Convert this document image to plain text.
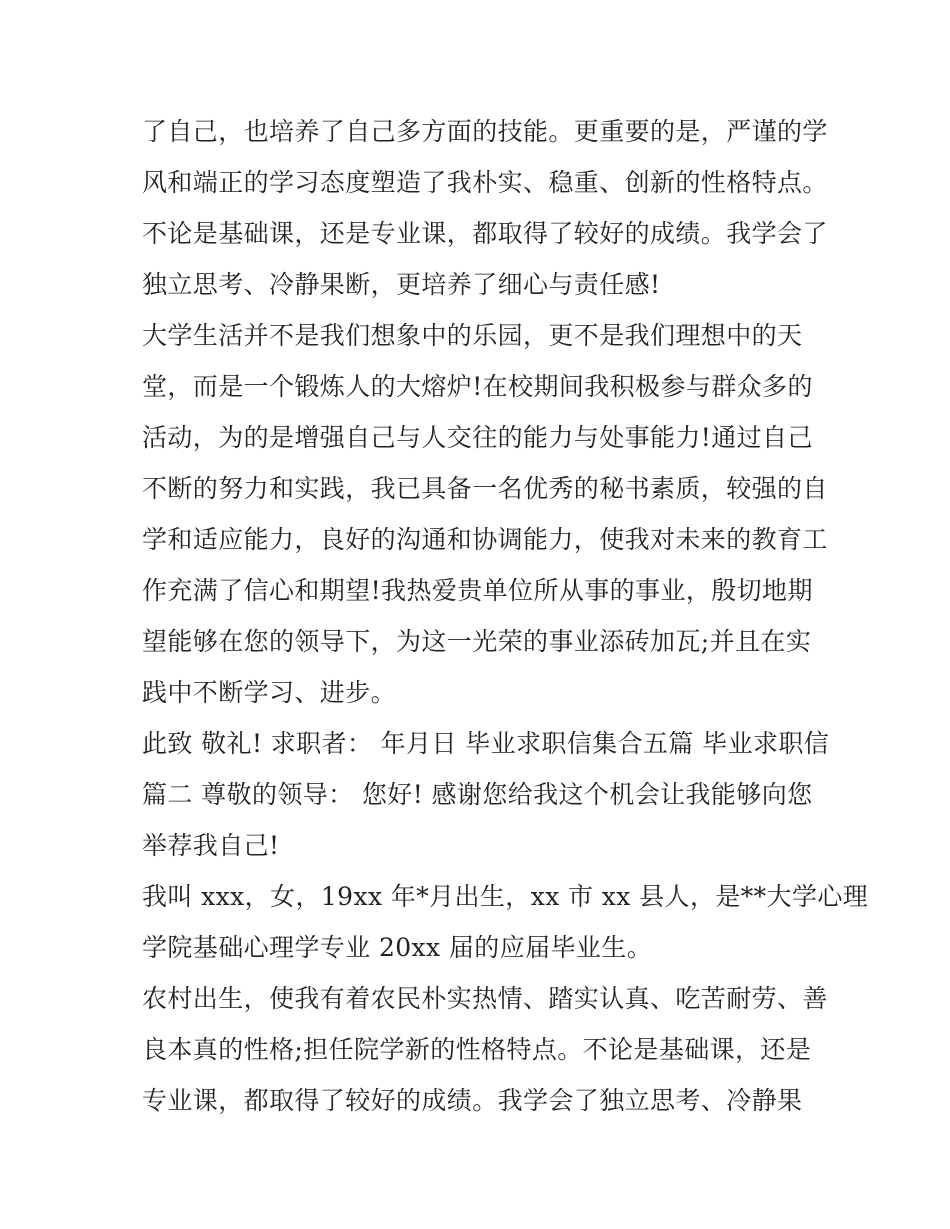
了自己，也培养了自己多方面的技能。更重要的是，严谨的学
风和端正的学习态度塑造了我朴实、稳重、创新的性格特点。
不论是基础课，还是专业课，都取得了较好的成绩。我学会了
独立思考、冷静果断，更培养了细心与责任感!
大学生活并不是我们想象中的乐园，更不是我们理想中的天
堂，而是一个锻炼人的大熔炉!在校期间我积极参与群众多的
活动，为的是增强自己与人交往的能力与处事能力!通过自己
不断的努力和实践，我已具备一名优秀的秘书素质，较强的自
学和适应能力，良好的沟通和协调能力，使我对未来的教育工
作充满了信心和期望!我热爱贵单位所从事的事业，殷切地期
望能够在您的领导下，为这一光荣的事业添砖加瓦;并且在实
践中不断学习、进步。
此致 敬礼! 求职者： 年月日 毕业求职信集合五篇 毕业求职信
篇二 尊敬的领导： 您好! 感谢您给我这个机会让我能够向您
举荐我自己!
我叫 xxx，女，19xx 年*月出生，xx 市 xx 县人，是**大学心理
学院基础心理学专业 20xx 届的应届毕业生。
农村出生，使我有着农民朴实热情、踏实认真、吃苦耐劳、善
良本真的性格;担任院学新的性格特点。不论是基础课，还是
专业课，都取得了较好的成绩。我学会了独立思考、冷静果
